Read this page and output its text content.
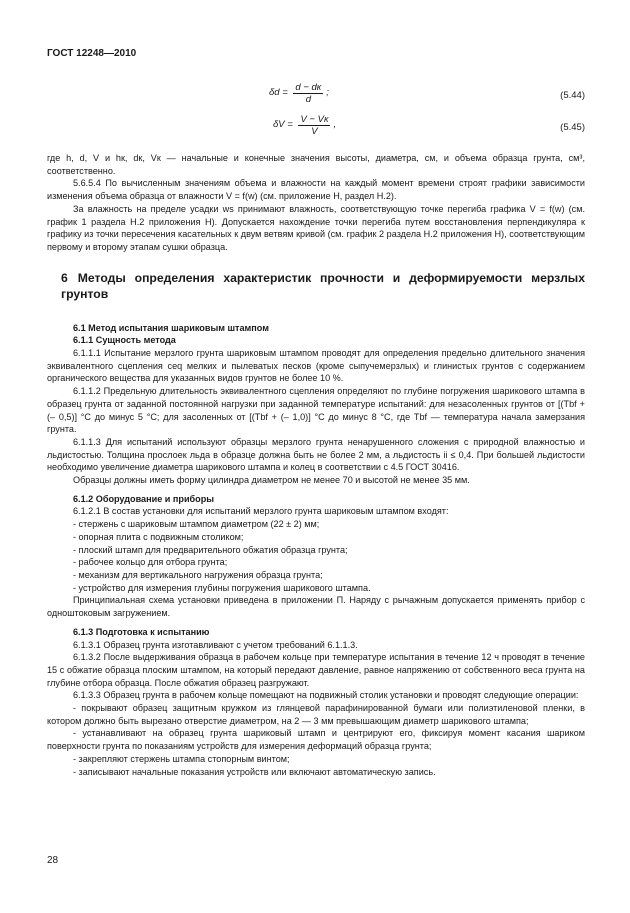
ГОСТ 12248—2010
$\delta d = \frac{d - dк}{d}$ ;	(5.44)
$\delta V = \frac{V - Vк}{V}$ ,	(5.45)

где h, d, V и hк, dк, Vк — начальные и конечные значения высоты, диаметра, см, и объема образца грунта, см³, соответственно.

5.6.5.4 По вычисленным значениям объема и влажности на каждый момент времени строят графики зависимости изменения объема образца от влажности V = f(w) (см. приложение Н, раздел Н.2).

За влажность на пределе усадки ws принимают влажность, соответствующую точке перегиба графика V = f(w) (см. график 1 раздела Н.2 приложения Н). Допускается нахождение точки перегиба путем восстановления перпендикуляра к графику из точки пересечения касательных к двум ветвям кривой (см. график 2 раздела Н.2 приложения Н), соответствующим первому и второму этапам сушки образца.

6 Методы определения характеристик прочности и деформируемости мерзлых грунтов

6.1 Метод испытания шариковым штампом

6.1.1 Сущность метода

6.1.1.1 Испытание мерзлого грунта шариковым штампом проводят для определения предельно длительного значения эквивалентного сцепления ceq мелких и пылеватых песков (кроме сыпучемерзлых) и глинистых грунтов с содержанием органического вещества для указанных видов грунтов не более 10 %.

6.1.1.2 Предельную длительность эквивалентного сцепления определяют по глубине погружения шарикового штампа в образец грунта от заданной постоянной нагрузки при заданной температуре испытаний: для незасоленных грунтов от [(Tbf + (– 0,5)] °С до минус 5 °С; для засоленных от [(Tbf + (– 1,0)] °С до минус 8 °С, где Tbf — температура начала замерзания грунта.

6.1.1.3 Для испытаний используют образцы мерзлого грунта ненарушенного сложения с природной влажностью и льдистостью. Толщина прослоек льда в образце должна быть не более 2 мм, а льдистость ii ≤ 0,4. При большей льдистости необходимо увеличение диаметра шарикового штампа и колец в соответствии с 4.5 ГОСТ 30416.

Образцы должны иметь форму цилиндра диаметром не менее 70 и высотой не менее 35 мм.

6.1.2 Оборудование и приборы

6.1.2.1 В состав установки для испытаний мерзлого грунта шариковым штампом входят:

- стержень с шариковым штампом диаметром (22 ± 2) мм;

- опорная плита с подвижным столиком;

- плоский штамп для предварительного обжатия образца грунта;

- рабочее кольцо для отбора грунта;

- механизм для вертикального нагружения образца грунта;

- устройство для измерения глубины погружения шарикового штампа.

Принципиальная схема установки приведена в приложении П. Наряду с рычажным допускается применять прибор с одноштоковым загружением.

6.1.3 Подготовка к испытанию

6.1.3.1 Образец грунта изготавливают с учетом требований 6.1.1.3.

6.1.3.2 После выдерживания образца в рабочем кольце при температуре испытания в течение 12 ч проводят в течение 15 с обжатие образца плоским штампом, на который передают давление, равное напряжению от собственного веса грунта на глубине отбора образца. После обжатия образец разгружают.

6.1.3.3 Образец грунта в рабочем кольце помещают на подвижный столик установки и проводят следующие операции:

- покрывают образец защитным кружком из глянцевой парафинированной бумаги или полиэтиленовой пленки, в котором должно быть вырезано отверстие диаметром, на 2 — 3 мм превышающим диаметр шарикового штампа;

- устанавливают на образец грунта шариковый штамп и центрируют его, фиксируя момент касания шариком поверхности грунта по показаниям устройств для измерения деформаций образца грунта;

- закрепляют стержень штампа стопорным винтом;

- записывают начальные показания устройств или включают автоматическую запись.

28
